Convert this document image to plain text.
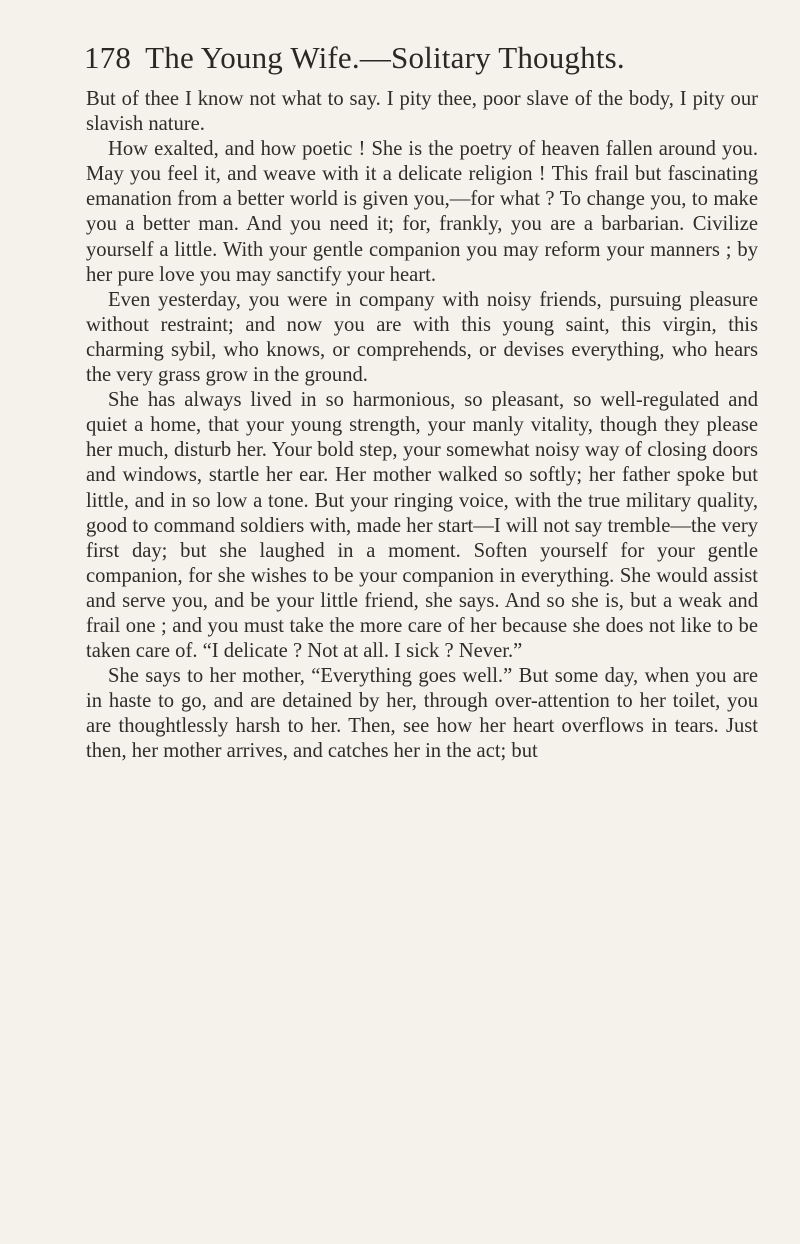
178 The Young Wife.—Solitary Thoughts.

But of thee I know not what to say. I pity thee, poor slave of the body, I pity our slavish nature.

How exalted, and how poetic ! She is the poetry of heaven fallen around you. May you feel it, and weave with it a delicate religion ! This frail but fascinating emanation from a better world is given you,—for what ? To change you, to make you a better man. And you need it; for, frankly, you are a barbarian. Civilize yourself a little. With your gentle companion you may reform your manners ; by her pure love you may sanctify your heart.

Even yesterday, you were in company with noisy friends, pursuing pleasure without restraint; and now you are with this young saint, this virgin, this charming sybil, who knows, or comprehends, or devises everything, who hears the very grass grow in the ground.

She has always lived in so harmonious, so pleasant, so well-regulated and quiet a home, that your young strength, your manly vitality, though they please her much, disturb her. Your bold step, your somewhat noisy way of closing doors and windows, startle her ear. Her mother walked so softly; her father spoke but little, and in so low a tone. But your ringing voice, with the true military quality, good to command soldiers with, made her start—I will not say tremble—the very first day; but she laughed in a moment. Soften yourself for your gentle companion, for she wishes to be your companion in everything. She would assist and serve you, and be your little friend, she says. And so she is, but a weak and frail one ; and you must take the more care of her because she does not like to be taken care of. “I delicate ? Not at all. I sick ? Never.”

She says to her mother, “Everything goes well.” But some day, when you are in haste to go, and are detained by her, through over-attention to her toilet, you are thoughtlessly harsh to her. Then, see how her heart overflows in tears. Just then, her mother arrives, and catches her in the act; but
